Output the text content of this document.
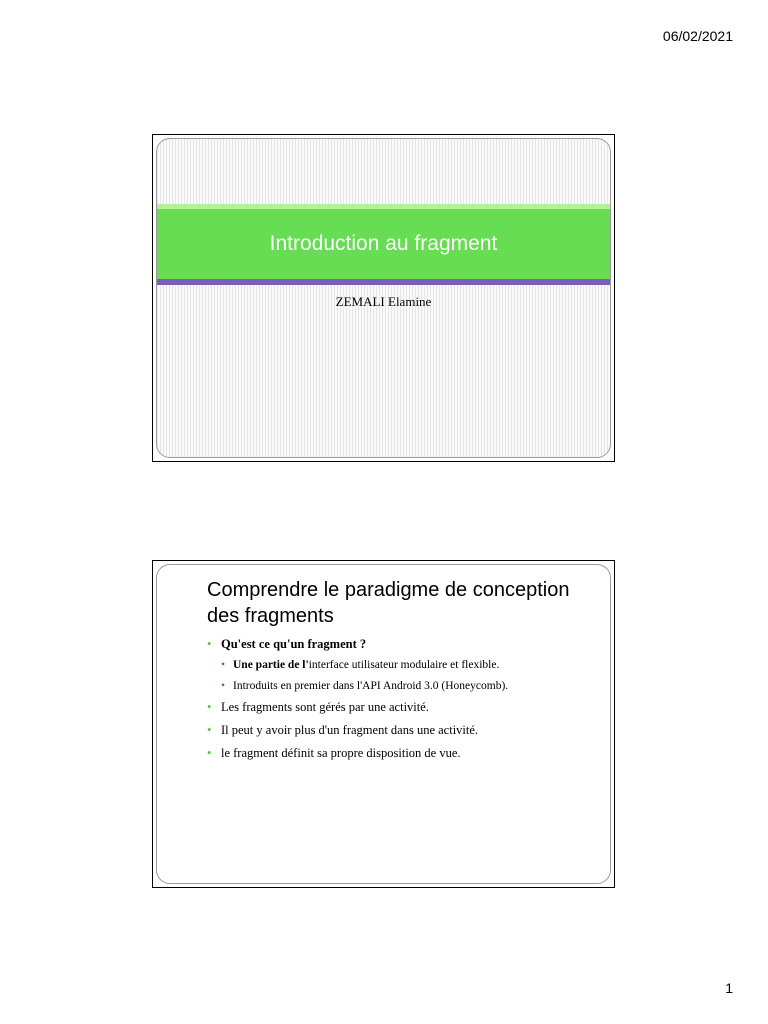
06/02/2021
Introduction au fragment
ZEMALI Elamine
Comprendre le paradigme de conception des fragments
• Qu'est ce qu'un fragment ?
• Une partie de l'interface utilisateur modulaire et flexible.
• Introduits en premier dans l'API Android 3.0 (Honeycomb).
• Les fragments sont gérés par une activité.
• Il peut y avoir plus d'un fragment dans une activité.
• le fragment définit sa propre disposition de vue.
1
